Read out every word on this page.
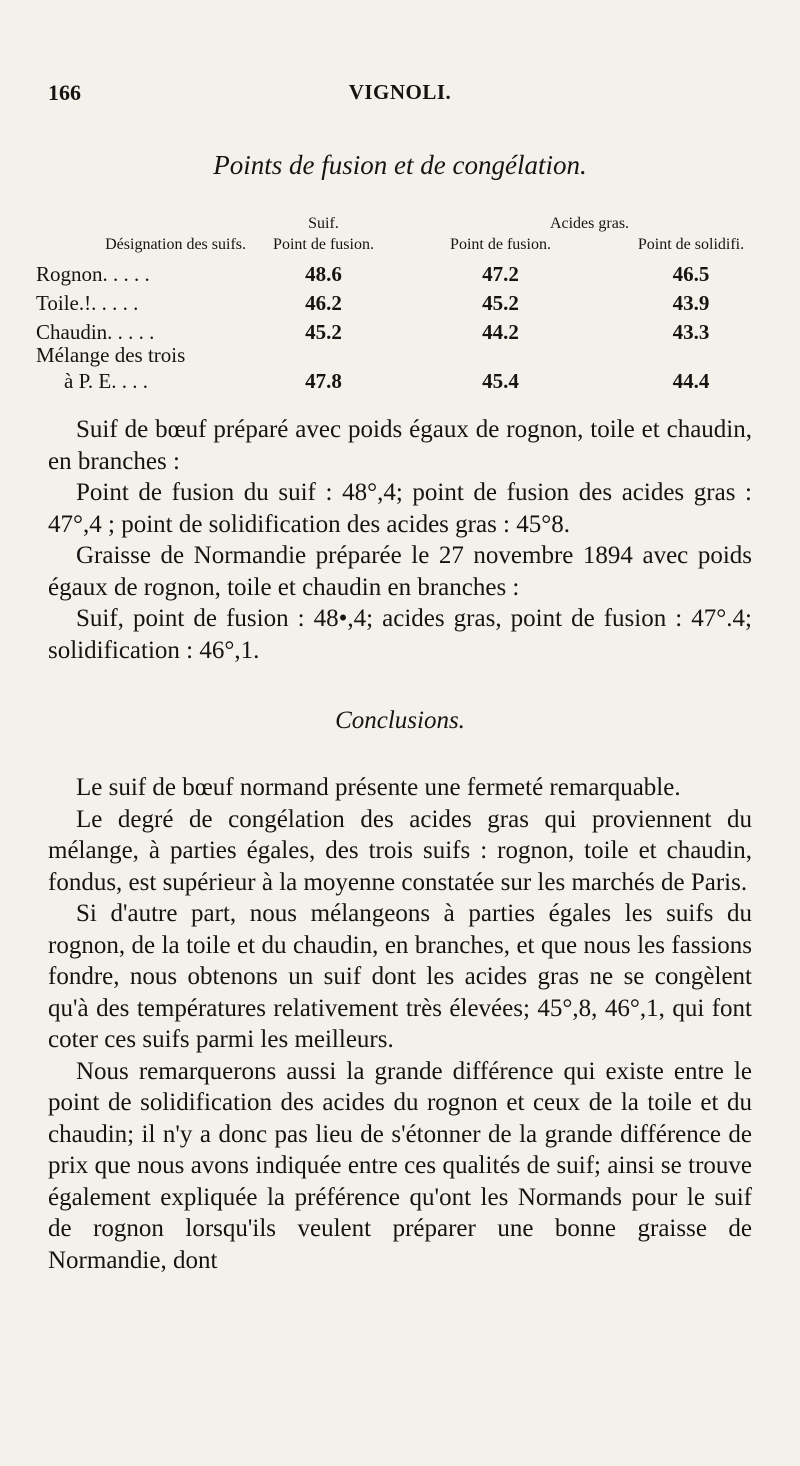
166	VIGNOLI.
Points de fusion et de congélation.
Suif.	Acides gras.
Désignation des suifs.	Point de fusion.	Point de fusion.	Point de solidifi.
Rognon. . . . .	48.6	47.2	46.5
Toile.!. . . . .	46.2	45.2	43.9
Chaudin. . . . .	45.2	44.2	43.3
Mélange des trois
à P. E. . . .	47.8	45.4	44.4

Suif de bœuf préparé avec poids égaux de rognon, toile et chaudin, en branches :

Point de fusion du suif : 48°,4; point de fusion des acides gras : 47°,4 ; point de solidification des acides gras : 45°8.

Graisse de Normandie préparée le 27 novembre 1894 avec poids égaux de rognon, toile et chaudin en branches :

Suif, point de fusion : 48•,4; acides gras, point de fusion : 47°.4; solidification : 46°,1.

Conclusions.

Le suif de bœuf normand présente une fermeté remarquable.

Le degré de congélation des acides gras qui proviennent du mélange, à parties égales, des trois suifs : rognon, toile et chaudin, fondus, est supérieur à la moyenne constatée sur les marchés de Paris.

Si d'autre part, nous mélangeons à parties égales les suifs du rognon, de la toile et du chaudin, en branches, et que nous les fassions fondre, nous obtenons un suif dont les acides gras ne se congèlent qu'à des températures relativement très élevées; 45°,8, 46°,1, qui font coter ces suifs parmi les meilleurs.

Nous remarquerons aussi la grande différence qui existe entre le point de solidification des acides du rognon et ceux de la toile et du chaudin; il n'y a donc pas lieu de s'étonner de la grande différence de prix que nous avons indiquée entre ces qualités de suif; ainsi se trouve également expliquée la préférence qu'ont les Normands pour le suif de rognon lorsqu'ils veulent préparer une bonne graisse de Normandie, dont
